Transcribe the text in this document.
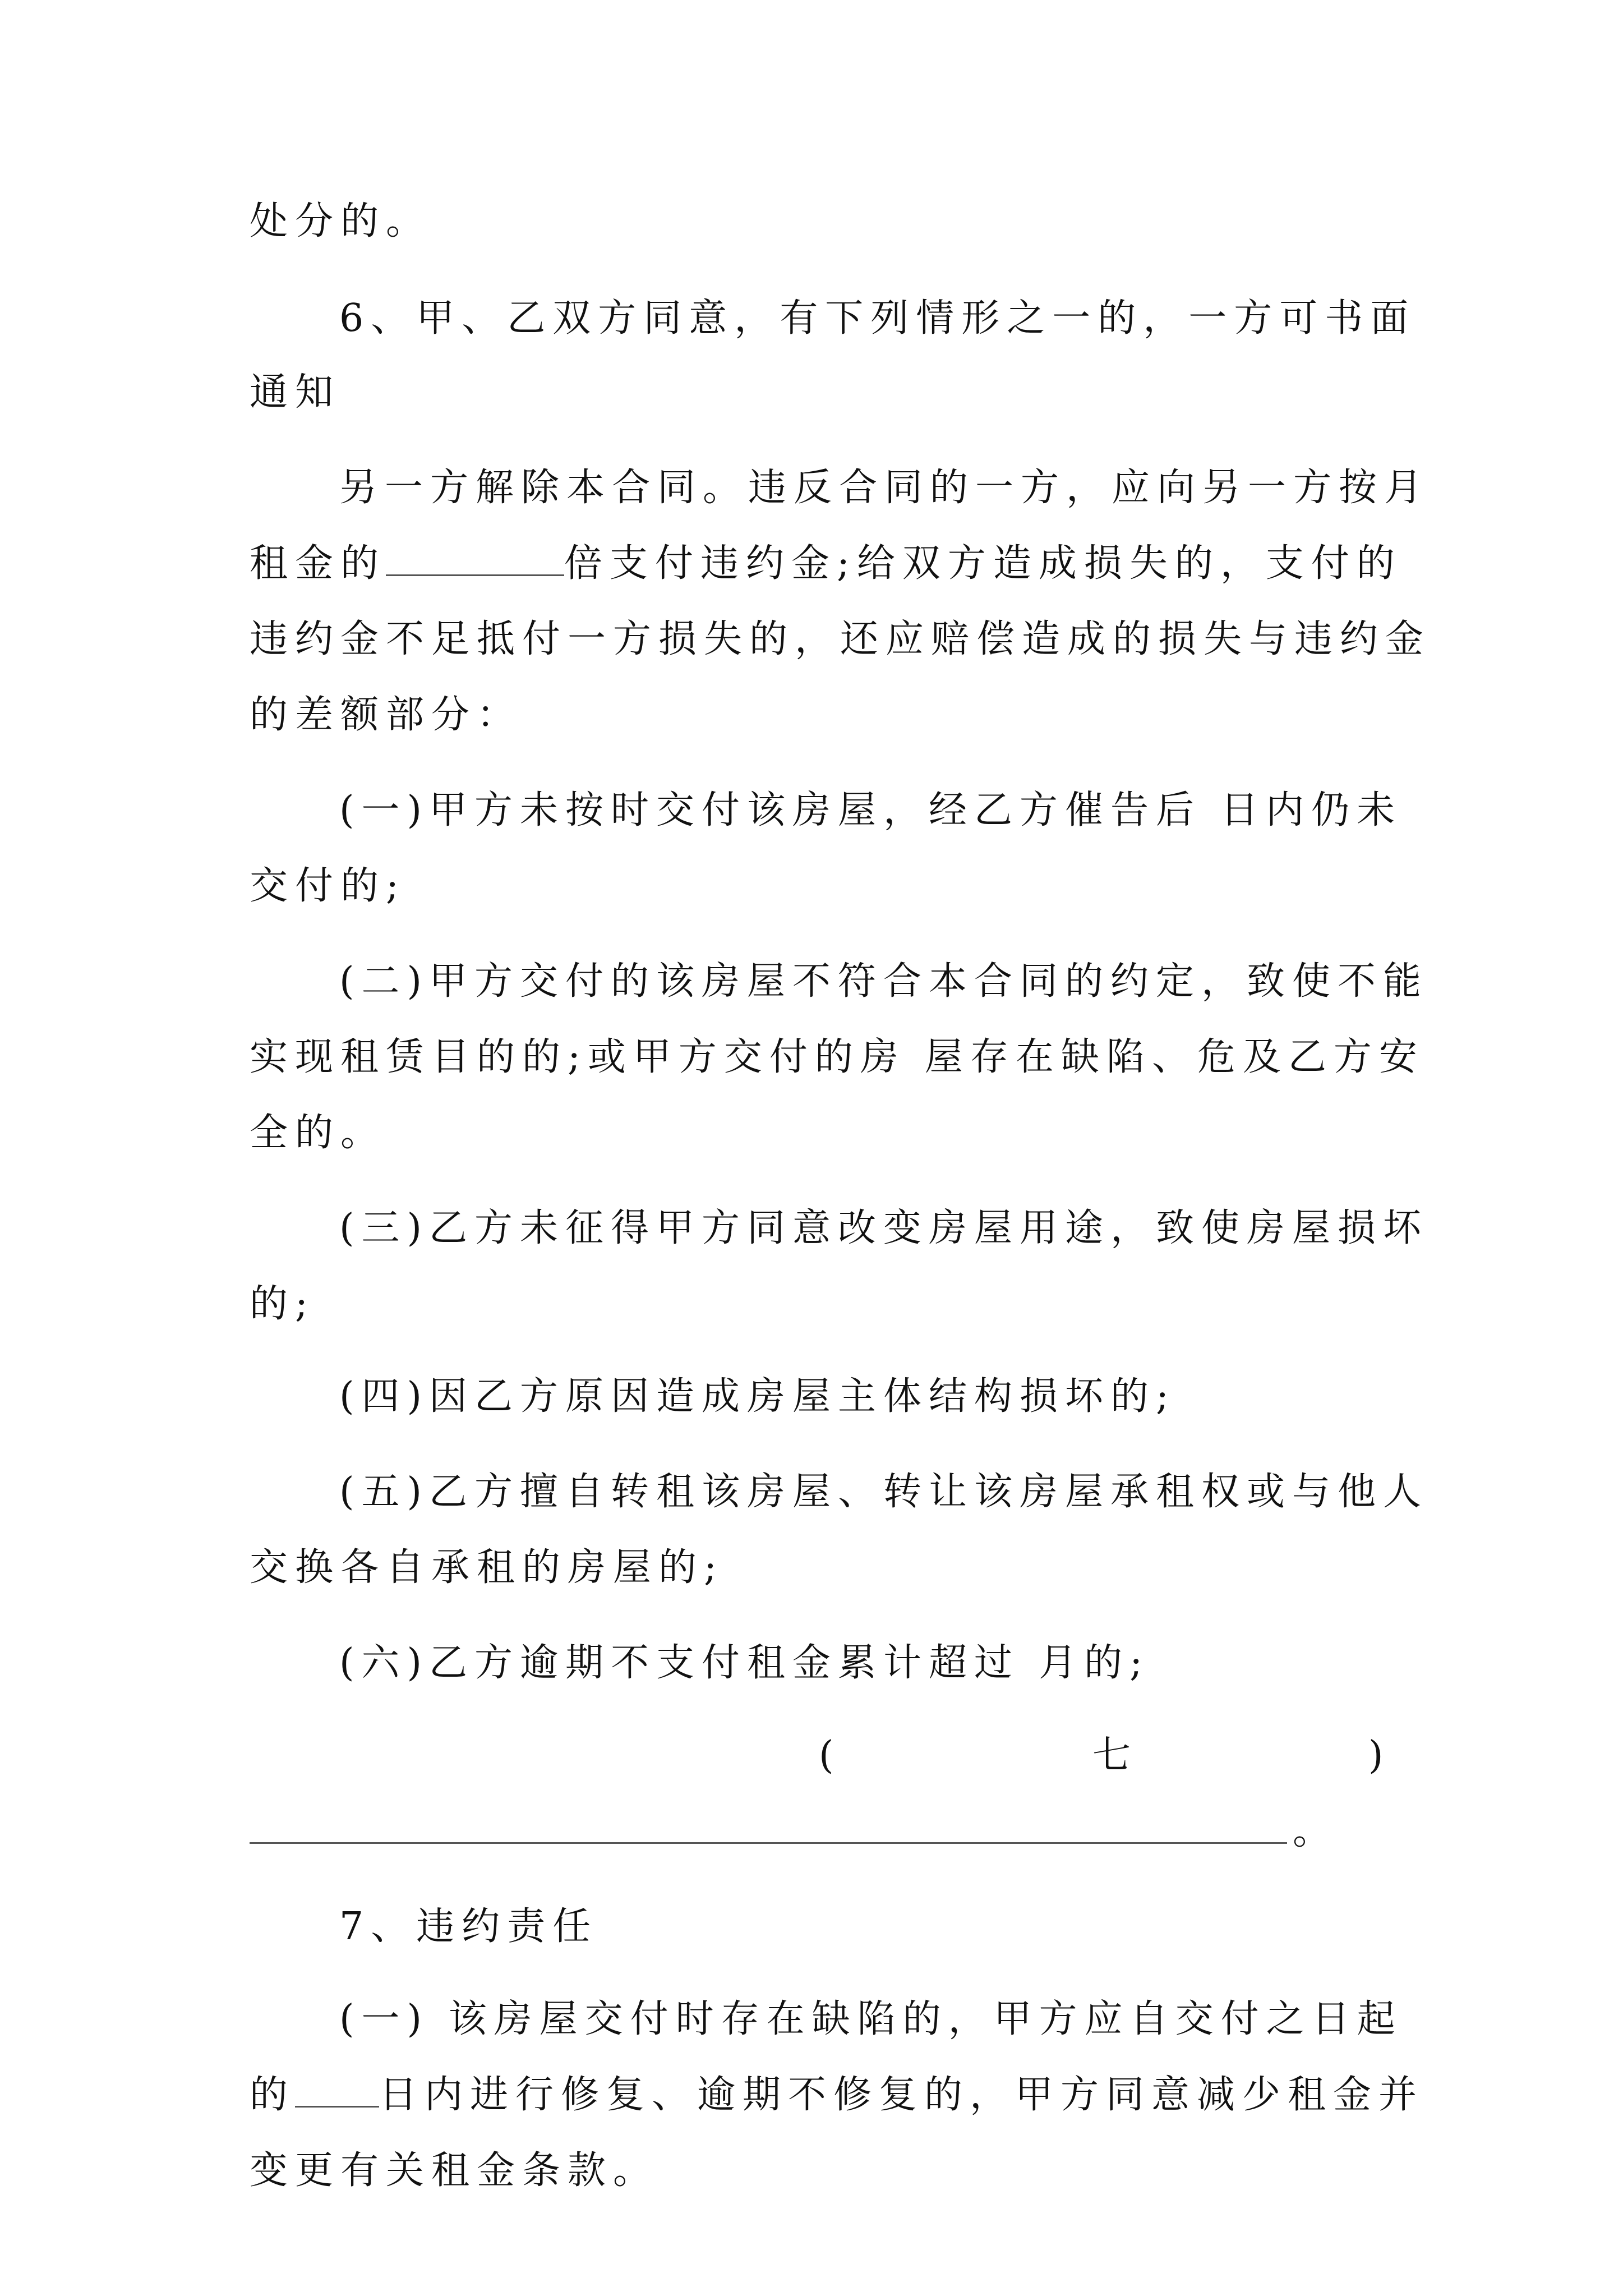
处分的。
6、甲、乙双方同意，有下列情形之一的，一方可书面
通知
另一方解除本合同。违反合同的一方，应向另一方按月
租金的	倍支付违约金;给双方造成损失的，支付的
违约金不足抵付一方损失的，还应赔偿造成的损失与违约金
的差额部分：
(一)甲方未按时交付该房屋，经乙方催告后 日内仍未
交付的;
(二)甲方交付的该房屋不符合本合同的约定，致使不能
实现租赁目的的;或甲方交付的房 屋存在缺陷、危及乙方安
全的。
(三)乙方未征得甲方同意改变房屋用途，致使房屋损坏
的;
(四)因乙方原因造成房屋主体结构损坏的;
(五)乙方擅自转租该房屋、转让该房屋承租权或与他人
交换各自承租的房屋的;
(六)乙方逾期不支付租金累计超过 月的;
(	七	)
。
7、违约责任
(一) 该房屋交付时存在缺陷的，甲方应自交付之日起
的 日内进行修复、逾期不修复的，甲方同意减少租金并
变更有关租金条款。
